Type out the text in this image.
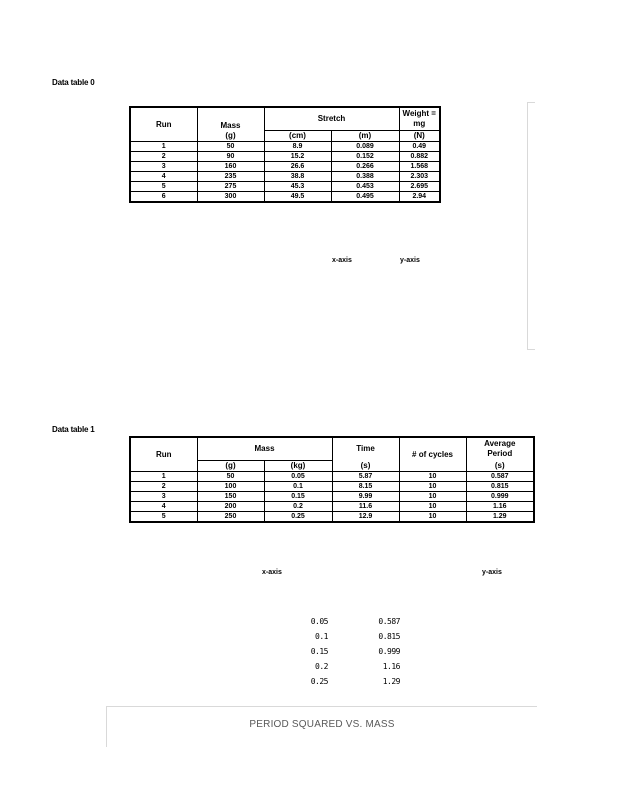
Data table 0
Run	Mass	Stretch		Weight =
mg
	(g)	(cm)	(m)	(N)
1	50	8.9	0.089	0.49
2	90	15.2	0.152	0.882
3	160	26.6	0.266	1.568
4	235	38.8	0.388	2.303
5	275	45.3	0.453	2.695
6	300	49.5	0.495	2.94
x-axis	y-axis
Data table 1
Run	Mass		Time	# of cycles	Average
Period
	(g)	(kg)	(s)		(s)
1	50	0.05	5.87	10	0.587
2	100	0.1	8.15	10	0.815
3	150	0.15	9.99	10	0.999
4	200	0.2	11.6	10	1.16
5	250	0.25	12.9	10	1.29
x-axis	y-axis
0.05	0.587
0.1	0.815
0.15	0.999
0.2	1.16
0.25	1.29
PERIOD SQUARED VS. MASS
